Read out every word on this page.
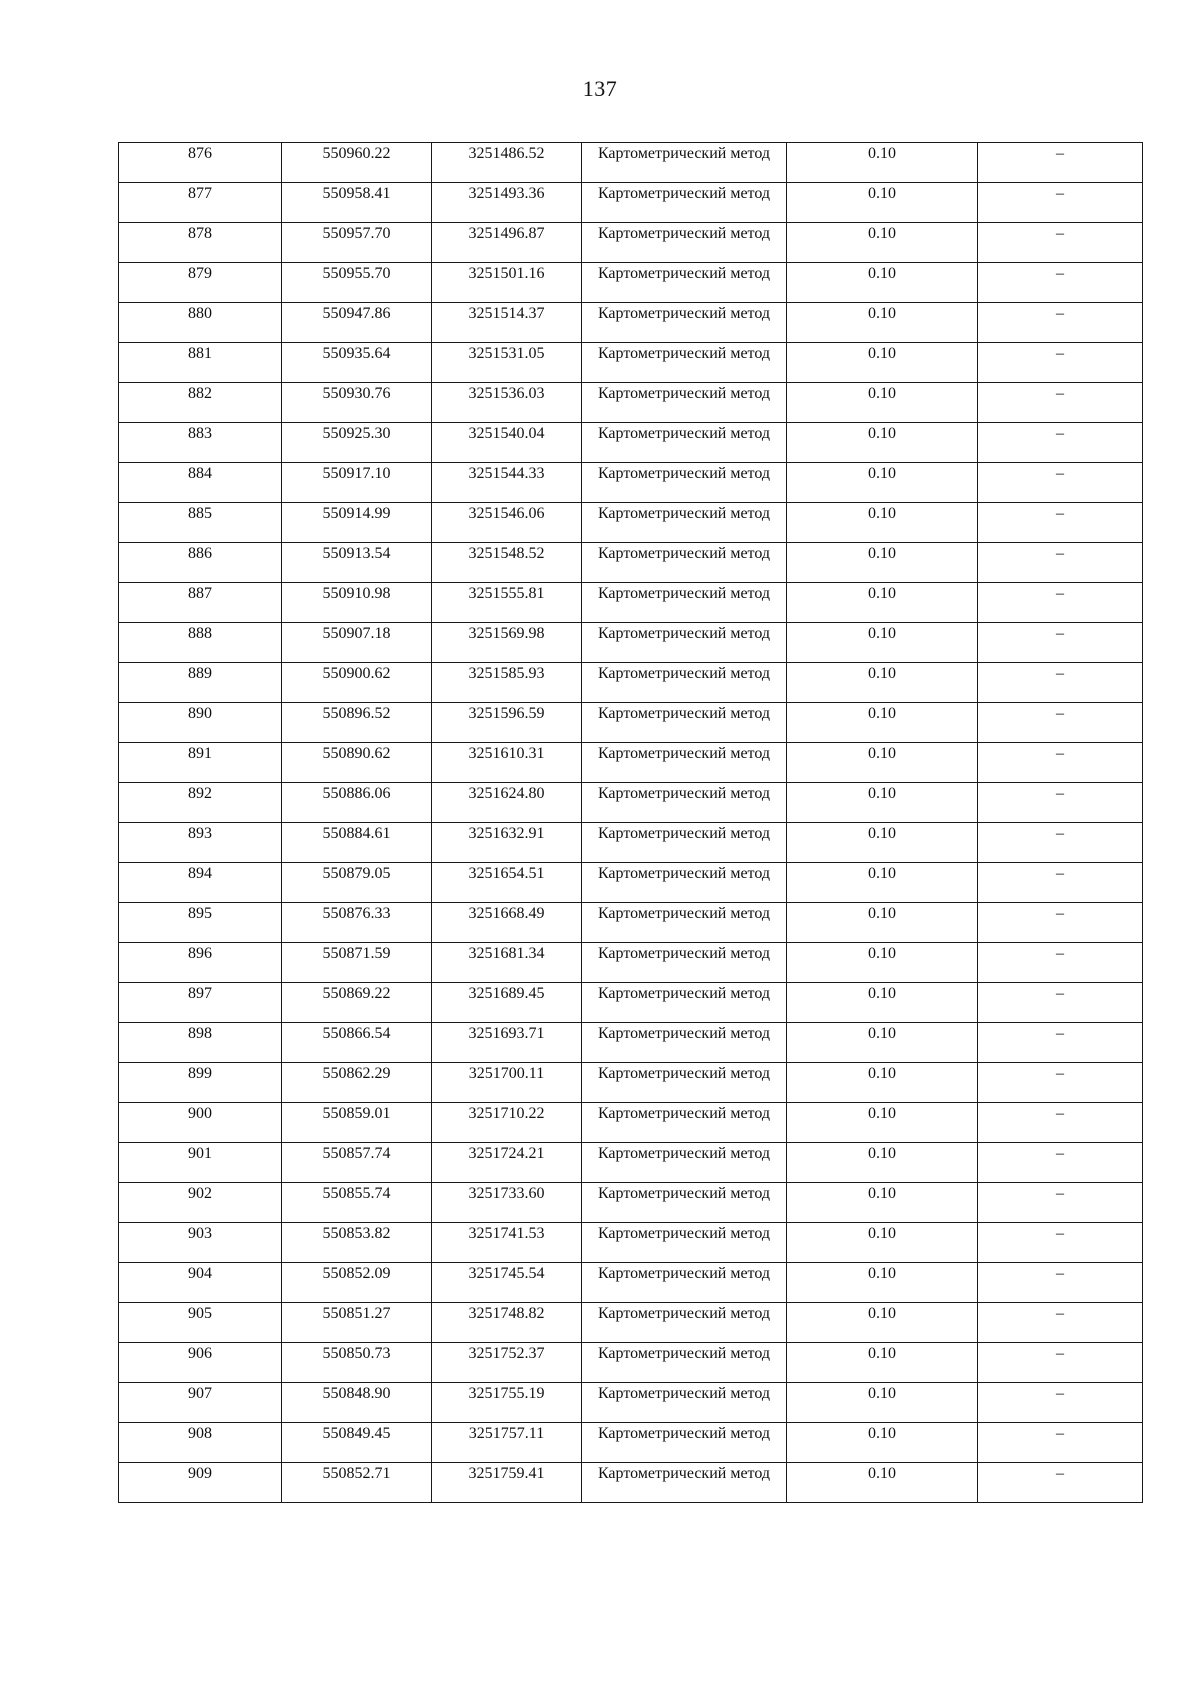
137
876	550960.22	3251486.52	Картометрический метод	0.10	–
877	550958.41	3251493.36	Картометрический метод	0.10	–
878	550957.70	3251496.87	Картометрический метод	0.10	–
879	550955.70	3251501.16	Картометрический метод	0.10	–
880	550947.86	3251514.37	Картометрический метод	0.10	–
881	550935.64	3251531.05	Картометрический метод	0.10	–
882	550930.76	3251536.03	Картометрический метод	0.10	–
883	550925.30	3251540.04	Картометрический метод	0.10	–
884	550917.10	3251544.33	Картометрический метод	0.10	–
885	550914.99	3251546.06	Картометрический метод	0.10	–
886	550913.54	3251548.52	Картометрический метод	0.10	–
887	550910.98	3251555.81	Картометрический метод	0.10	–
888	550907.18	3251569.98	Картометрический метод	0.10	–
889	550900.62	3251585.93	Картометрический метод	0.10	–
890	550896.52	3251596.59	Картометрический метод	0.10	–
891	550890.62	3251610.31	Картометрический метод	0.10	–
892	550886.06	3251624.80	Картометрический метод	0.10	–
893	550884.61	3251632.91	Картометрический метод	0.10	–
894	550879.05	3251654.51	Картометрический метод	0.10	–
895	550876.33	3251668.49	Картометрический метод	0.10	–
896	550871.59	3251681.34	Картометрический метод	0.10	–
897	550869.22	3251689.45	Картометрический метод	0.10	–
898	550866.54	3251693.71	Картометрический метод	0.10	–
899	550862.29	3251700.11	Картометрический метод	0.10	–
900	550859.01	3251710.22	Картометрический метод	0.10	–
901	550857.74	3251724.21	Картометрический метод	0.10	–
902	550855.74	3251733.60	Картометрический метод	0.10	–
903	550853.82	3251741.53	Картометрический метод	0.10	–
904	550852.09	3251745.54	Картометрический метод	0.10	–
905	550851.27	3251748.82	Картометрический метод	0.10	–
906	550850.73	3251752.37	Картометрический метод	0.10	–
907	550848.90	3251755.19	Картометрический метод	0.10	–
908	550849.45	3251757.11	Картометрический метод	0.10	–
909	550852.71	3251759.41	Картометрический метод	0.10	–
